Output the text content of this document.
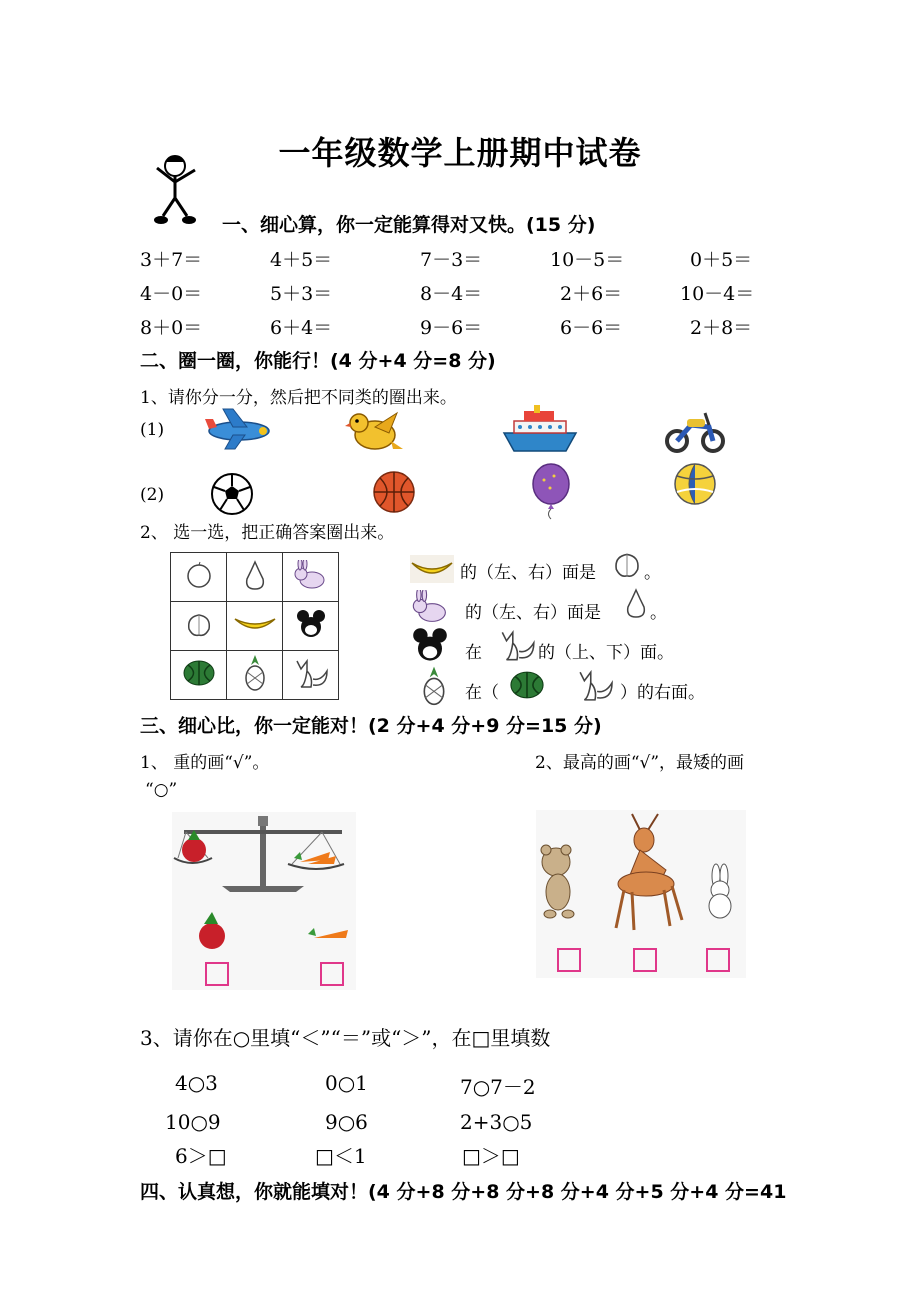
一年级数学上册期中试卷
一、细心算，你一定能算得对又快。(15 分)
3＋7＝	4＋5＝	7－3＝	10－5＝	0＋5＝
4－0＝	5＋3＝	8－4＝	2＋6＝	10－4＝
8＋0＝	6＋4＝	9－6＝	6－6＝	2＋8＝
二、圈一圈，你能行！(4 分+4 分=8 分)
1、请你分一分，然后把不同类的圈出来。
(1)
(2)
2、 选一选，把正确答案圈出来。

的（左、右）面是	。
的（左、右）面是	。
在	的（上、下）面。
在（	）的右面。
三、细心比，你一定能对！(2 分+4 分+9 分=15 分)
1、 重的画“√”。	2、最高的画“√”，最矮的画
“○”
3、请你在○里填“＜”“＝”或“＞”，在□里填数
4○3	0○1	7○7－2
10○9	9○6	2+3○5
6＞□	□＜1	□＞□
四、认真想，你就能填对！(4 分+8 分+8 分+8 分+4 分+5 分+4 分=41
